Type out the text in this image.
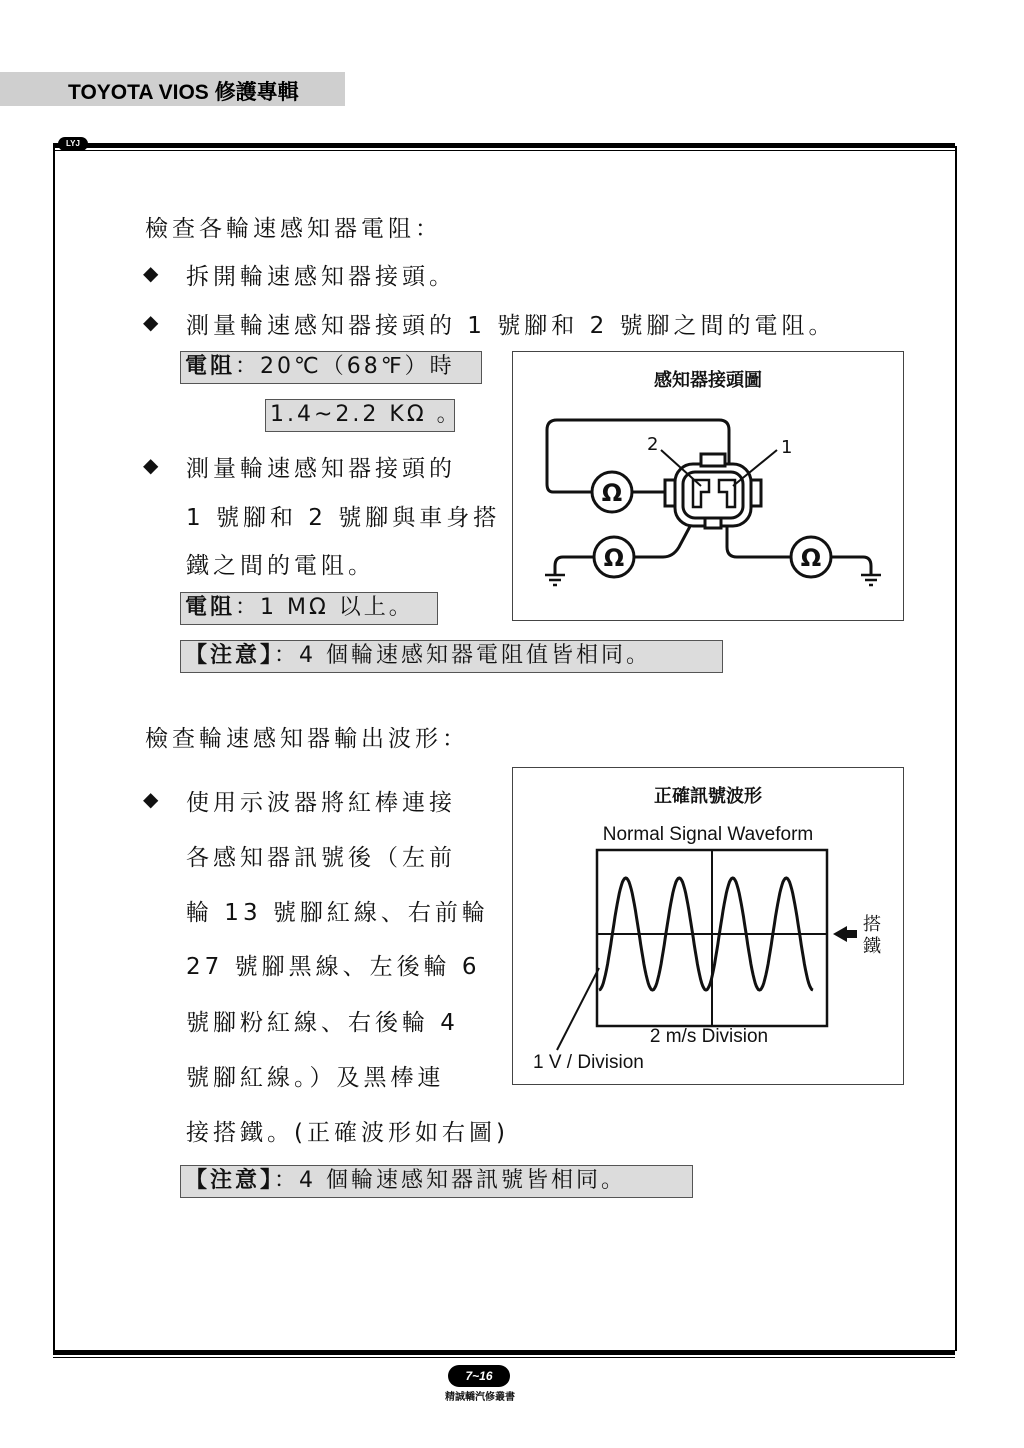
TOYOTA VIOS 修護專輯
LYJ
檢查各輪速感知器電阻：
◆ 拆開輪速感知器接頭。
◆ 測量輪速感知器接頭的 1 號腳和 2 號腳之間的電阻。
電阻：20℃（68℉）時
1.4~2.2 KΩ 。
◆ 測量輪速感知器接頭的
1 號腳和 2 號腳與車身搭
鐵之間的電阻。
電阻：1 MΩ 以上。
【注意】：4 個輪速感知器電阻值皆相同。
感知器接頭圖
Ω
Ω	Ω
2	1
檢查輪速感知器輸出波形：
◆ 使用示波器將紅棒連接
各感知器訊號後（左前
輪 13 號腳紅線、右前輪
27 號腳黑線、左後輪 6
號腳粉紅線、右後輪 4
號腳紅線。）及黑棒連
接搭鐵。(正確波形如右圖)
【注意】：4 個輪速感知器訊號皆相同。
正確訊號波形
Normal Signal Waveform
搭
鐵
2 m/s Division
1 V / Division
7~16
精誠轎汽修叢書
